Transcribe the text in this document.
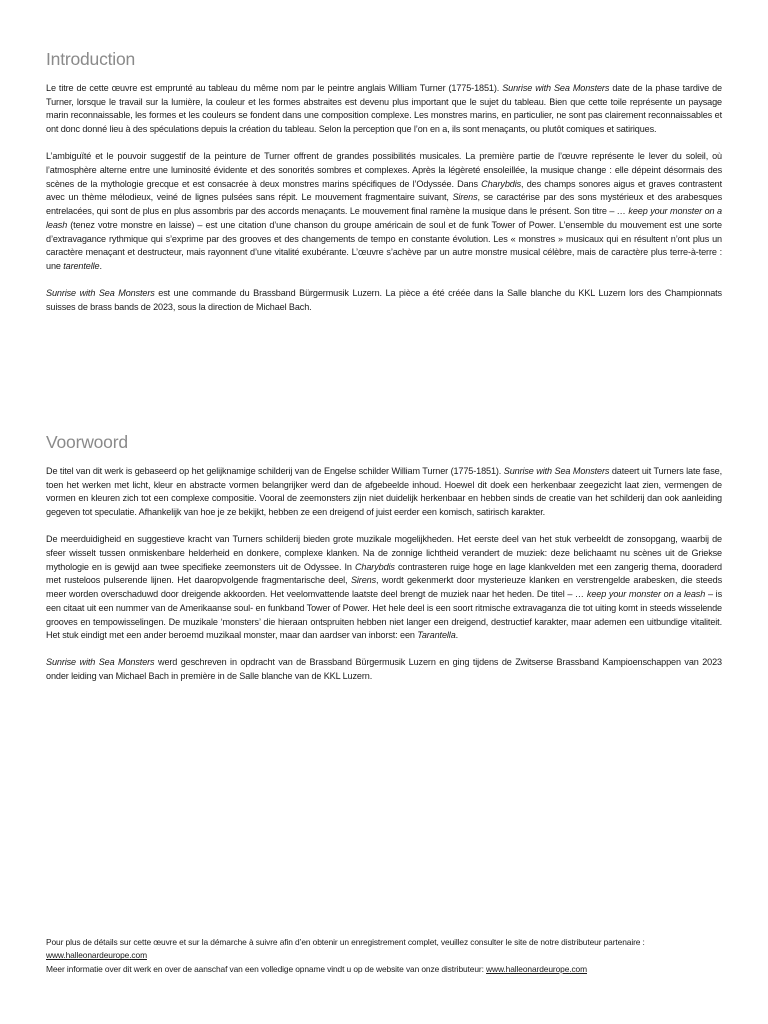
Introduction

Le titre de cette œuvre est emprunté au tableau du même nom par le peintre anglais William Turner (1775-1851). Sunrise with Sea Monsters date de la phase tardive de Turner, lorsque le travail sur la lumière, la couleur et les formes abstraites est devenu plus important que le sujet du tableau. Bien que cette toile représente un paysage marin reconnaissable, les formes et les couleurs se fondent dans une composition complexe. Les monstres marins, en particulier, ne sont pas clairement reconnaissables et ont donc donné lieu à des spéculations depuis la création du tableau. Selon la perception que l’on en a, ils sont menaçants, ou plutôt comiques et satiriques.

L’ambiguïté et le pouvoir suggestif de la peinture de Turner offrent de grandes possibilités musicales. La première partie de l’œuvre représente le lever du soleil, où l’atmosphère alterne entre une luminosité évidente et des sonorités sombres et complexes. Après la légèreté ensoleillée, la musique change : elle dépeint désormais des scènes de la mythologie grecque et est consacrée à deux monstres marins spécifiques de l’Odyssée. Dans Charybdis, des champs sonores aigus et graves contrastent avec un thème mélodieux, veiné de lignes pulsées sans répit. Le mouvement fragmentaire suivant, Sirens, se caractérise par des sons mystérieux et des arabesques entrelacées, qui sont de plus en plus assombris par des accords menaçants. Le mouvement final ramène la musique dans le présent. Son titre – … keep your monster on a leash (tenez votre monstre en laisse) – est une citation d’une chanson du groupe américain de soul et de funk Tower of Power. L’ensemble du mouvement est une sorte d’extravagance rythmique qui s’exprime par des grooves et des changements de tempo en constante évolution. Les « monstres » musicaux qui en résultent n’ont plus un caractère menaçant et destructeur, mais rayonnent d’une vitalité exubérante. L’œuvre s’achève par un autre monstre musical célèbre, mais de caractère plus terre-à-terre : une tarentelle.

Sunrise with Sea Monsters est une commande du Brassband Bürgermusik Luzern. La pièce a été créée dans la Salle blanche du KKL Luzern lors des Championnats suisses de brass bands de 2023, sous la direction de Michael Bach.

Voorwoord

De titel van dit werk is gebaseerd op het gelijknamige schilderij van de Engelse schilder William Turner (1775-1851). Sunrise with Sea Monsters dateert uit Turners late fase, toen het werken met licht, kleur en abstracte vormen belangrijker werd dan de afgebeelde inhoud. Hoewel dit doek een herkenbaar zeegezicht laat zien, vermengen de vormen en kleuren zich tot een complexe compositie. Vooral de zeemonsters zijn niet duidelijk herkenbaar en hebben sinds de creatie van het schilderij dan ook aanleiding gegeven tot speculatie. Afhankelijk van hoe je ze bekijkt, hebben ze een dreigend of juist eerder een komisch, satirisch karakter.

De meerduidigheid en suggestieve kracht van Turners schilderij bieden grote muzikale mogelijkheden. Het eerste deel van het stuk verbeeldt de zonsopgang, waarbij de sfeer wisselt tussen onmiskenbare helderheid en donkere, complexe klanken. Na de zonnige lichtheid verandert de muziek: deze belichaamt nu scènes uit de Griekse mythologie en is gewijd aan twee specifieke zeemonsters uit de Odyssee. In Charybdis contrasteren ruige hoge en lage klankvelden met een zangerig thema, dooraderd met rusteloos pulserende lijnen. Het daaropvolgende fragmentarische deel, Sirens, wordt gekenmerkt door mysterieuze klanken en verstrengelde arabesken, die steeds meer worden overschaduwd door dreigende akkoorden. Het veelomvattende laatste deel brengt de muziek naar het heden. De titel – … keep your monster on a leash – is een citaat uit een nummer van de Amerikaanse soul- en funkband Tower of Power. Het hele deel is een soort ritmische extravaganza die tot uiting komt in steeds wisselende grooves en tempowisselingen. De muzikale ‘monsters’ die hieraan ontspruiten hebben niet langer een dreigend, destructief karakter, maar ademen een uitbundige vitaliteit. Het stuk eindigt met een ander beroemd muzikaal monster, maar dan aardser van inborst: een Tarantella.

Sunrise with Sea Monsters werd geschreven in opdracht van de Brassband Bürgermusik Luzern en ging tijdens de Zwitserse Brassband Kampioenschappen van 2023 onder leiding van Michael Bach in première in de Salle blanche van de KKL Luzern.

Pour plus de détails sur cette œuvre et sur la démarche à suivre afin d’en obtenir un enregistrement complet, veuillez consulter le site de notre distributeur partenaire :
www.halleonardeurope.com
Meer informatie over dit werk en over de aanschaf van een volledige opname vindt u op de website van onze distributeur: www.halleonardeurope.com
